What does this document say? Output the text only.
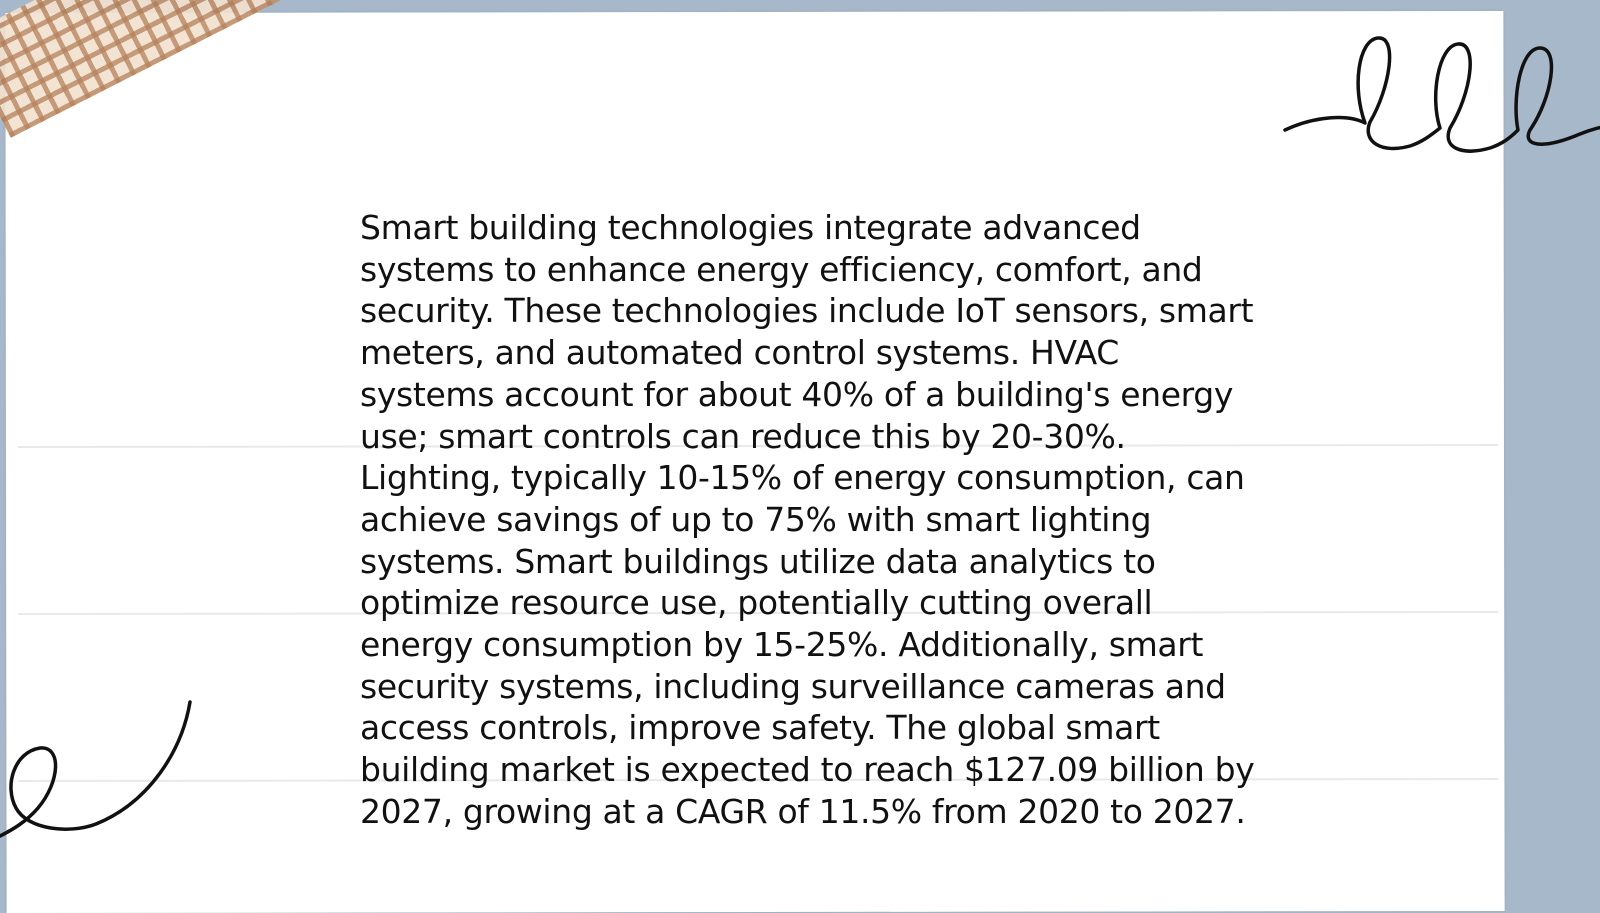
Smart building technologies integrate advanced systems to enhance energy efficiency, comfort, and security. These technologies include IoT sensors, smart meters, and automated control systems. HVAC systems account for about 40% of a building's energy use; smart controls can reduce this by 20-30%. Lighting, typically 10-15% of energy consumption, can achieve savings of up to 75% with smart lighting systems. Smart buildings utilize data analytics to optimize resource use, potentially cutting overall energy consumption by 15-25%. Additionally, smart security systems, including surveillance cameras and access controls, improve safety. The global smart building market is expected to reach $127.09 billion by 2027, growing at a CAGR of 11.5% from 2020 to 2027.
